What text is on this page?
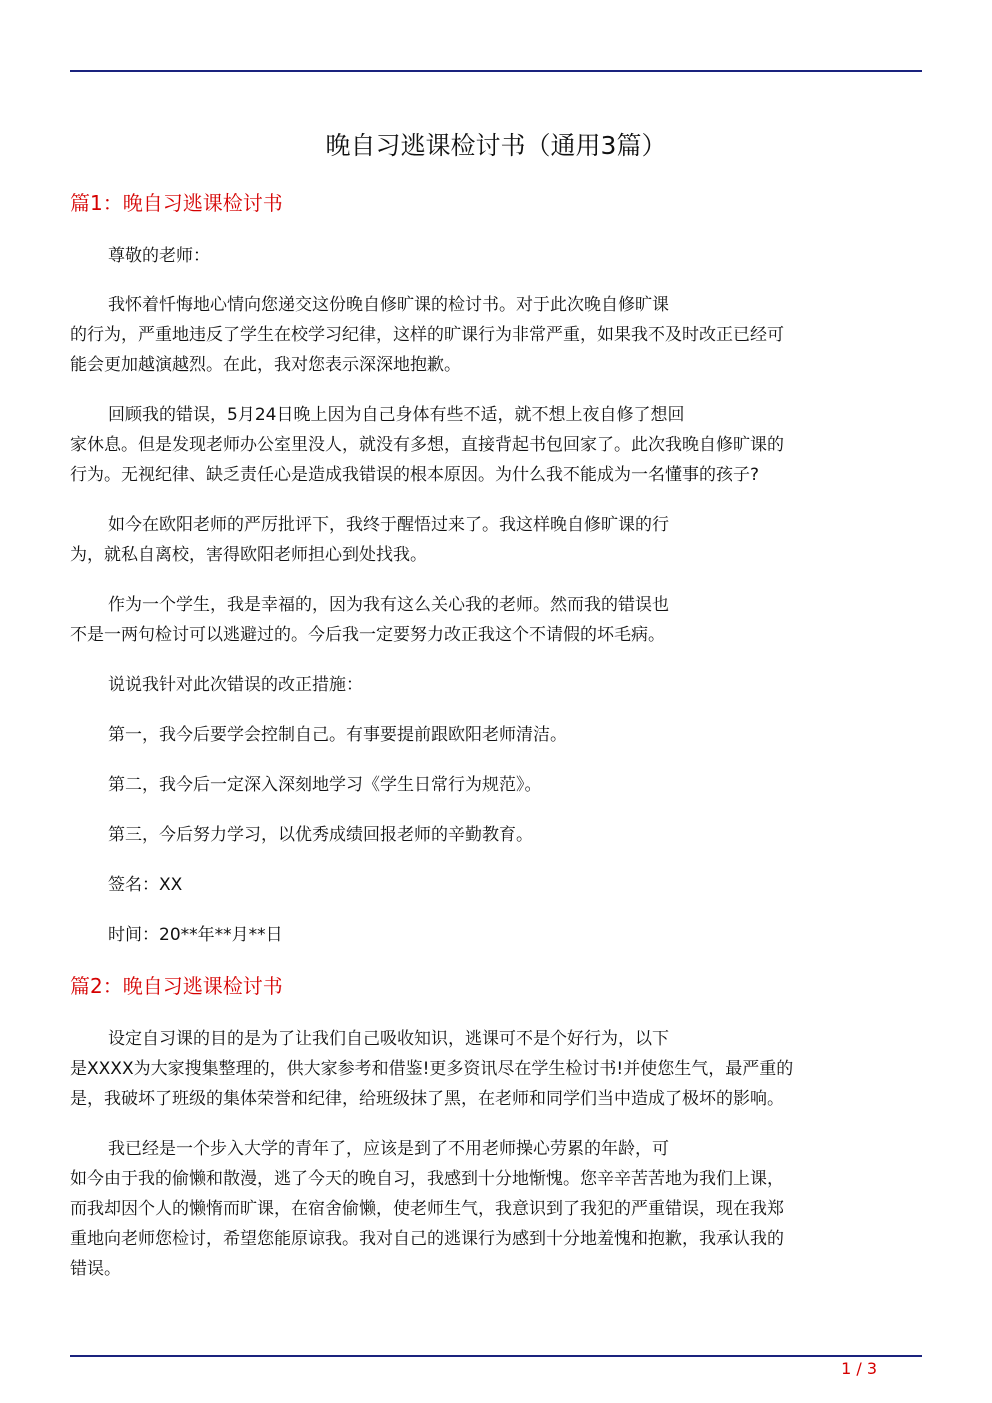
晚自习逃课检讨书（通用3篇）
篇1：晚自习逃课检讨书

尊敬的老师：

我怀着忏悔地心情向您递交这份晚自修旷课的检讨书。对于此次晚自修旷课
的行为，严重地违反了学生在校学习纪律，这样的旷课行为非常严重，如果我不及时改正已经可
能会更加越演越烈。在此，我对您表示深深地抱歉。
回顾我的错误，5月24日晚上因为自己身体有些不适，就不想上夜自修了想回
家休息。但是发现老师办公室里没人，就没有多想，直接背起书包回家了。此次我晚自修旷课的
行为。无视纪律、缺乏责任心是造成我错误的根本原因。为什么我不能成为一名懂事的孩子?
如今在欧阳老师的严厉批评下，我终于醒悟过来了。我这样晚自修旷课的行
为，就私自离校，害得欧阳老师担心到处找我。
作为一个学生，我是幸福的，因为我有这么关心我的老师。然而我的错误也
不是一两句检讨可以逃避过的。今后我一定要努力改正我这个不请假的坏毛病。

说说我针对此次错误的改正措施：

第一，我今后要学会控制自己。有事要提前跟欧阳老师清洁。

第二，我今后一定深入深刻地学习《学生日常行为规范》。

第三，今后努力学习，以优秀成绩回报老师的辛勤教育。

签名：XX

时间：20**年**月**日

篇2：晚自习逃课检讨书
设定自习课的目的是为了让我们自己吸收知识，逃课可不是个好行为，以下
是XXXX为大家搜集整理的，供大家参考和借鉴!更多资讯尽在学生检讨书!并使您生气，最严重的
是，我破坏了班级的集体荣誉和纪律，给班级抹了黑，在老师和同学们当中造成了极坏的影响。
我已经是一个步入大学的青年了，应该是到了不用老师操心劳累的年龄，可
如今由于我的偷懒和散漫，逃了今天的晚自习，我感到十分地惭愧。您辛辛苦苦地为我们上课，
而我却因个人的懒惰而旷课，在宿舍偷懒，使老师生气，我意识到了我犯的严重错误，现在我郑
重地向老师您检讨，希望您能原谅我。我对自己的逃课行为感到十分地羞愧和抱歉，我承认我的
错误。
1 / 3
